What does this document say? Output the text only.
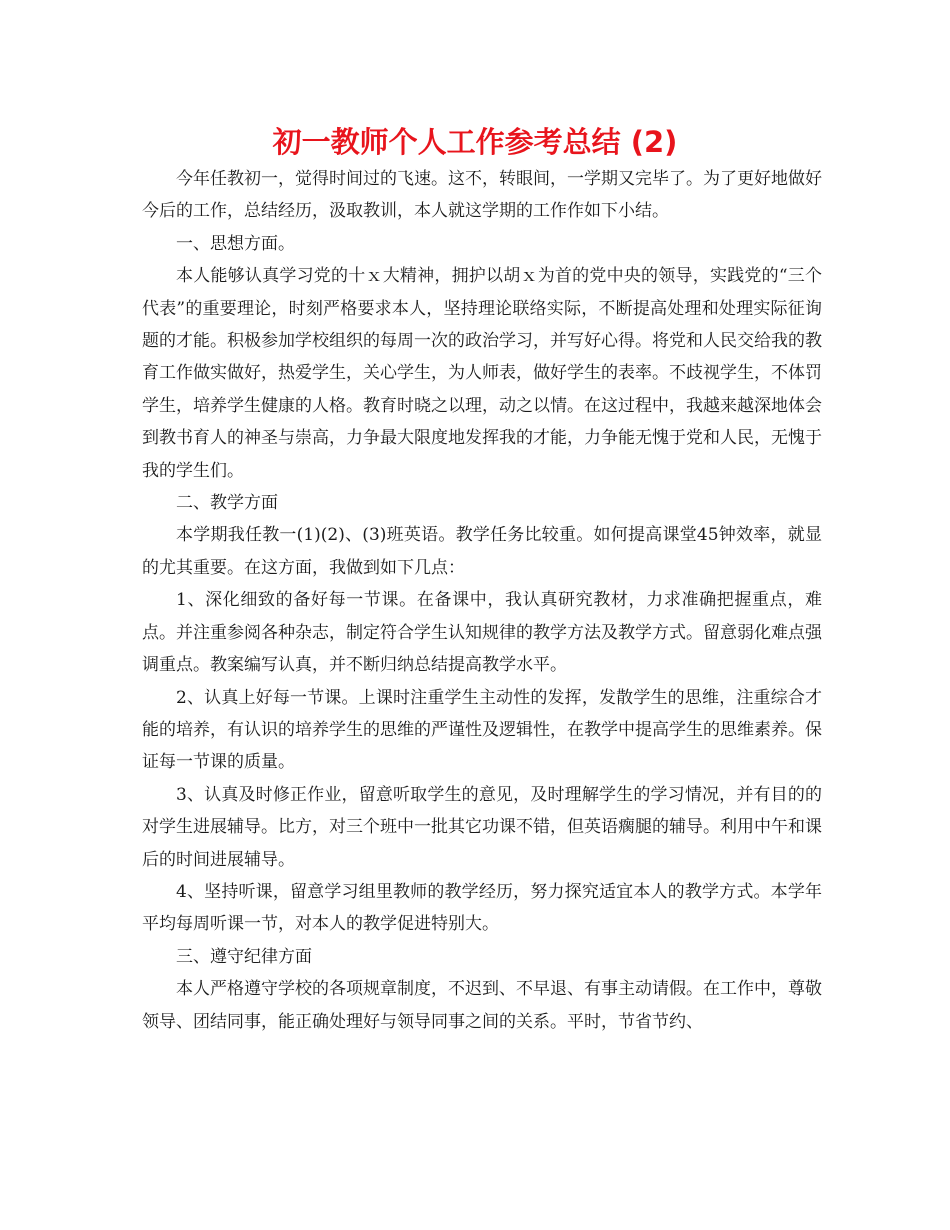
初一教师个人工作参考总结 (2)

今年任教初一，觉得时间过的飞速。这不，转眼间，一学期又完毕了。为了更好地做好今后的工作，总结经历，汲取教训，本人就这学期的工作作如下小结。

一、思想方面。

本人能够认真学习党的十ｘ大精神，拥护以胡ｘ为首的党中央的领导，实践党的“三个代表”的重要理论，时刻严格要求本人，坚持理论联络实际，不断提高处理和处理实际征询题的才能。积极参加学校组织的每周一次的政治学习，并写好心得。将党和人民交给我的教育工作做实做好，热爱学生，关心学生，为人师表，做好学生的表率。不歧视学生，不体罚学生，培养学生健康的人格。教育时晓之以理，动之以情。在这过程中，我越来越深地体会到教书育人的神圣与崇高，力争最大限度地发挥我的才能，力争能无愧于党和人民，无愧于我的学生们。

二、教学方面

本学期我任教一(1)(2)、(3)班英语。教学任务比较重。如何提高课堂45钟效率，就显的尤其重要。在这方面，我做到如下几点：

1、深化细致的备好每一节课。在备课中，我认真研究教材，力求准确把握重点，难点。并注重参阅各种杂志，制定符合学生认知规律的教学方法及教学方式。留意弱化难点强调重点。教案编写认真，并不断归纳总结提高教学水平。

2、认真上好每一节课。上课时注重学生主动性的发挥，发散学生的思维，注重综合才能的培养，有认识的培养学生的思维的严谨性及逻辑性，在教学中提高学生的思维素养。保证每一节课的质量。

3、认真及时修正作业，留意听取学生的意见，及时理解学生的学习情况，并有目的的对学生进展辅导。比方，对三个班中一批其它功课不错，但英语瘸腿的辅导。利用中午和课后的时间进展辅导。

4、坚持听课，留意学习组里教师的教学经历，努力探究适宜本人的教学方式。本学年平均每周听课一节，对本人的教学促进特别大。

三、遵守纪律方面

本人严格遵守学校的各项规章制度，不迟到、不早退、有事主动请假。在工作中，尊敬领导、团结同事，能正确处理好与领导同事之间的关系。平时，节省节约、
